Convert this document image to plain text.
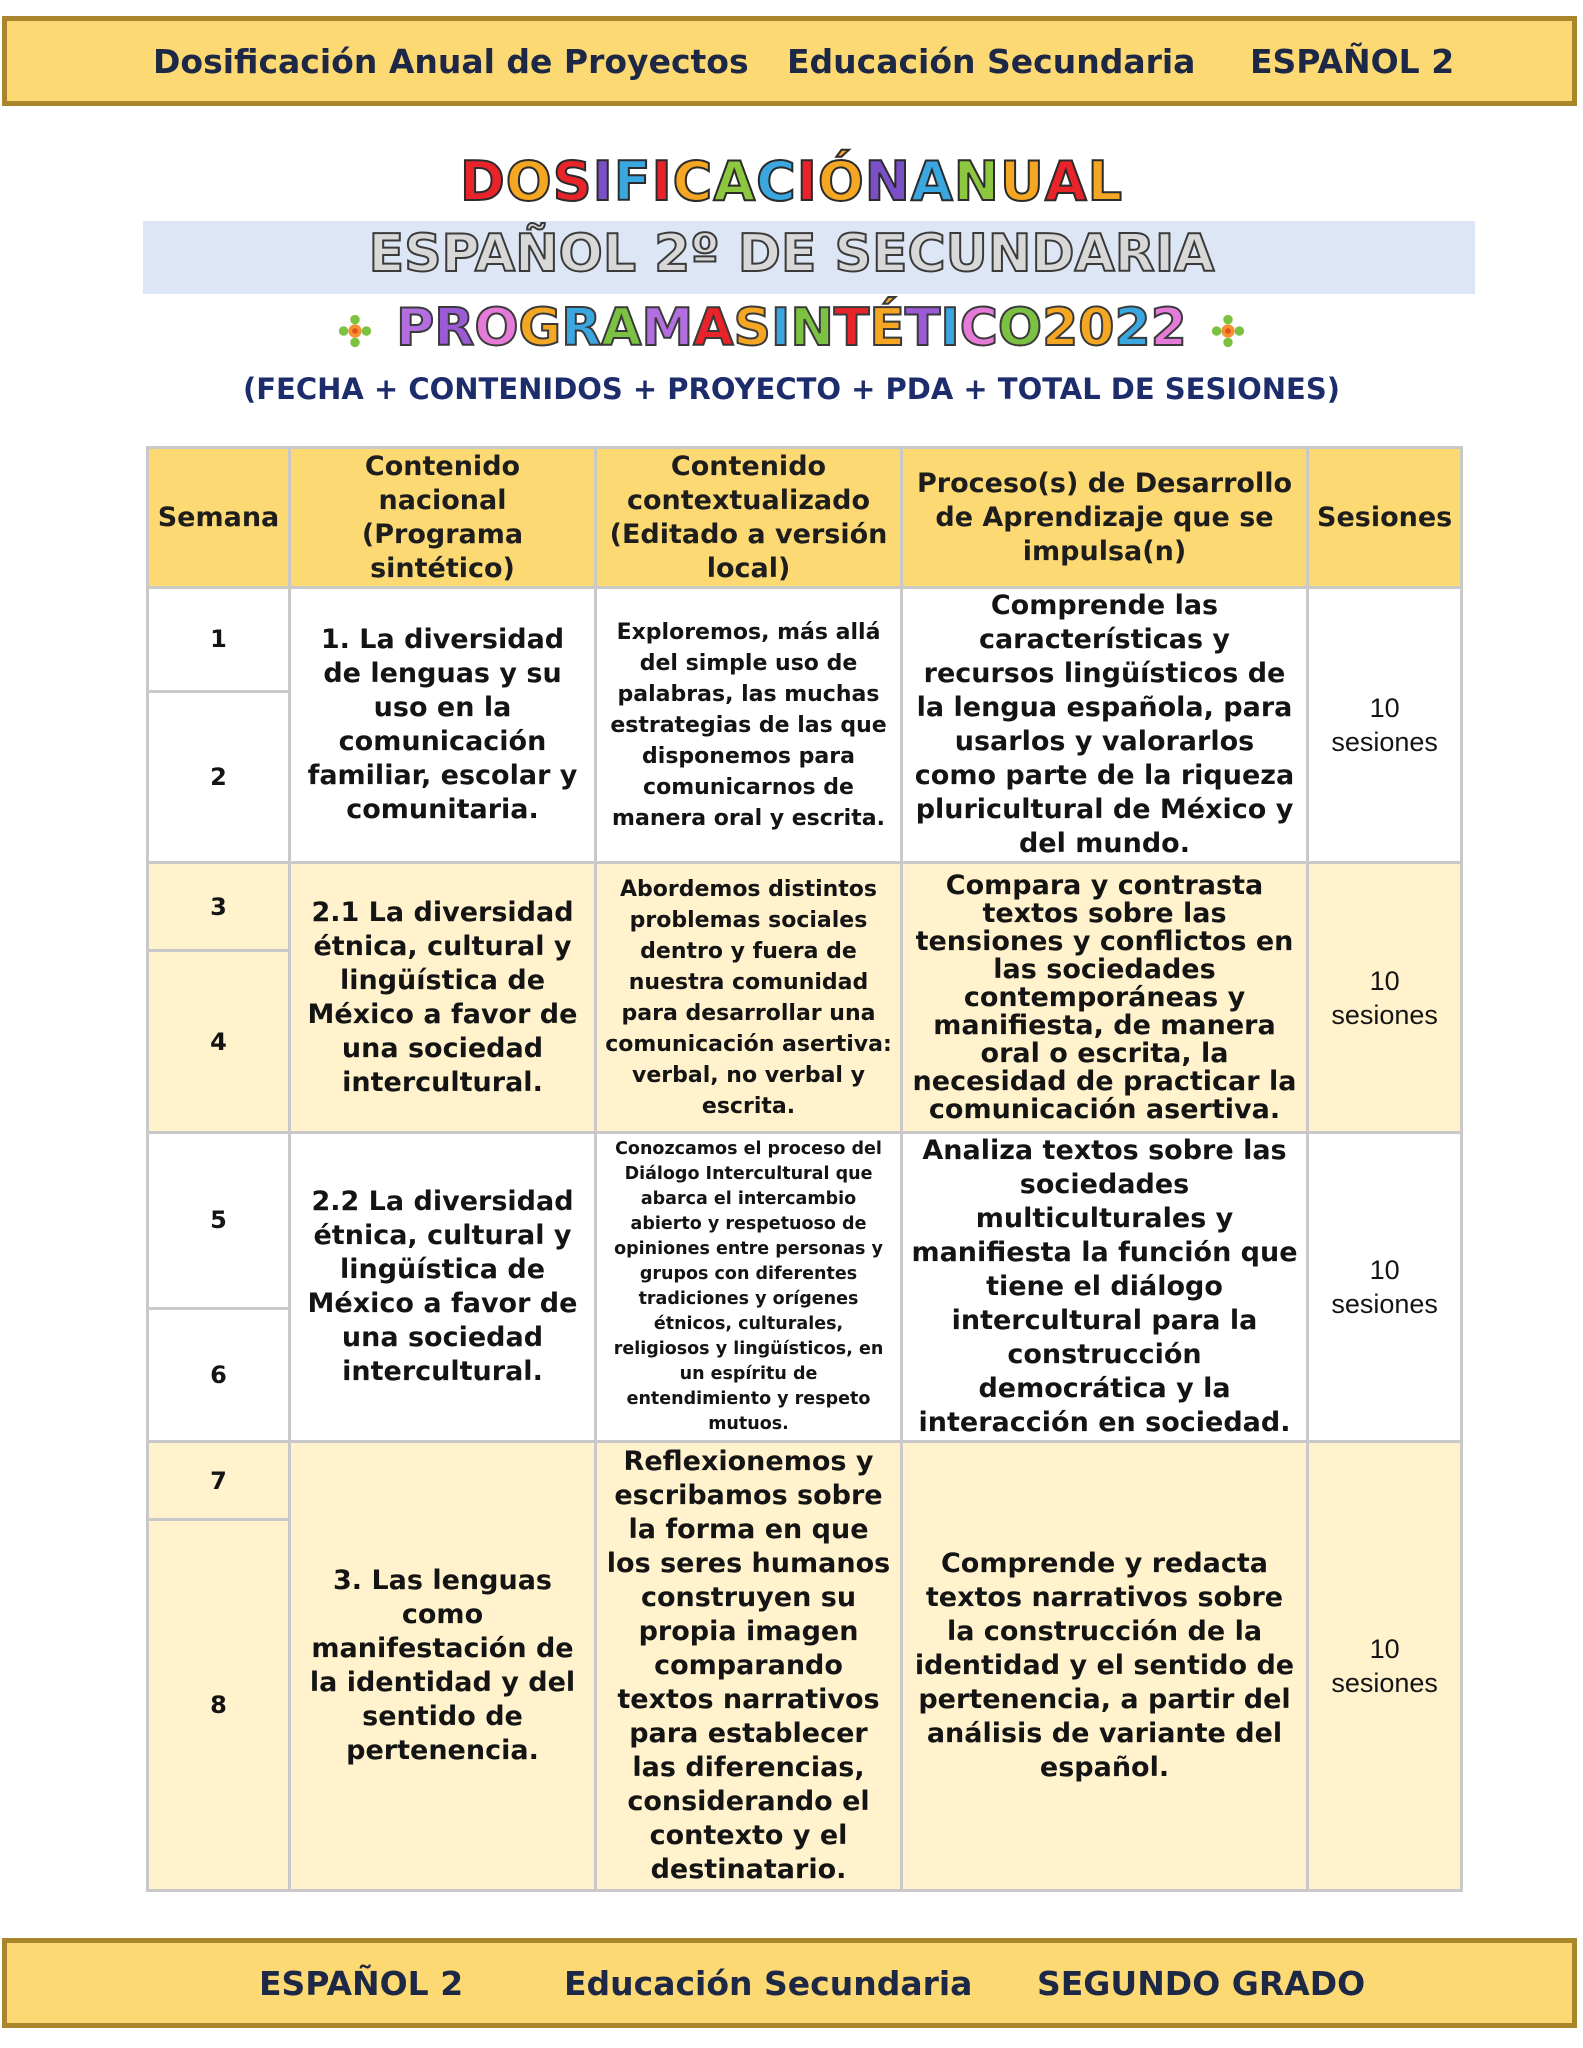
Dosificación Anual de Proyectos Educación Secundaria ESPAÑOL 2
DOSIFICACIÓNANUAL
ESPAÑOL 2º DE SECUNDARIA
PROGRAMASINTÉTICO2022
(FECHA + CONTENIDOS + PROYECTO + PDA + TOTAL DE SESIONES)
Semana	Contenido nacional (Programa sintético)	Contenido contextualizado (Editado a versión local)	Proceso(s) de Desarrollo de Aprendizaje que se impulsa(n)	Sesiones
1	1. La diversidad de lenguas y su uso en la comunicación familiar, escolar y comunitaria.	Exploremos, más allá del simple uso de palabras, las muchas estrategias de las que disponemos para comunicarnos de manera oral y escrita.	Comprende las características y recursos lingüísticos de la lengua española, para usarlos y valorarlos como parte de la riqueza pluricultural de México y del mundo.	10 sesiones
2				
3	2.1 La diversidad étnica, cultural y lingüística de México a favor de una sociedad intercultural.	Abordemos distintos problemas sociales dentro y fuera de nuestra comunidad para desarrollar una comunicación asertiva: verbal, no verbal y escrita.	Compara y contrasta textos sobre las tensiones y conflictos en las sociedades contemporáneas y manifiesta, de manera oral o escrita, la necesidad de practicar la comunicación asertiva.	10 sesiones
4				
5	2.2 La diversidad étnica, cultural y lingüística de México a favor de una sociedad intercultural.	Conozcamos el proceso del Diálogo Intercultural que abarca el intercambio abierto y respetuoso de opiniones entre personas y grupos con diferentes tradiciones y orígenes étnicos, culturales, religiosos y lingüísticos, en un espíritu de entendimiento y respeto mutuos.	Analiza textos sobre las sociedades multiculturales y manifiesta la función que tiene el diálogo intercultural para la construcción democrática y la interacción en sociedad.	10 sesiones
6				
7	3. Las lenguas como manifestación de la identidad y del sentido de pertenencia.	Reflexionemos y escribamos sobre la forma en que los seres humanos construyen su propia imagen comparando textos narrativos para establecer las diferencias, considerando el contexto y el destinatario.	Comprende y redacta textos narrativos sobre la construcción de la identidad y el sentido de pertenencia, a partir del análisis de variante del español.	10 sesiones
8				
ESPAÑOL 2	Educación Secundaria SEGUNDO GRADO
